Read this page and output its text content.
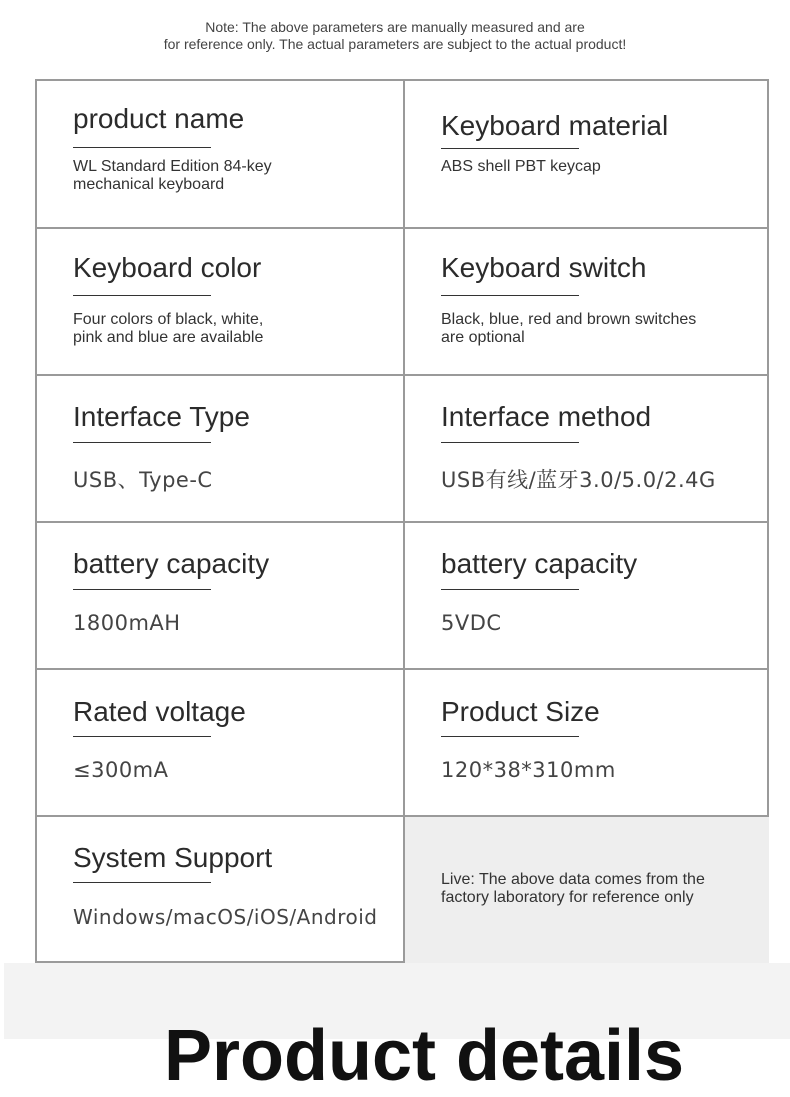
Note: The above parameters are manually measured and are
for reference only. The actual parameters are subject to the actual product!
product name
WL Standard Edition 84-key
mechanical keyboard
Keyboard material
ABS shell PBT keycap
Keyboard color
Four colors of black, white,
pink and blue are available
Keyboard switch
Black, blue, red and brown switches
are optional
Interface Type
USB、Type-C
Interface method
USB有线/蓝牙3.0/5.0/2.4G
battery capacity
1800mAH
battery capacity
5VDC
Rated voltage
≤300mA
Product Size
120*38*310mm
System Support
Windows/macOS/iOS/Android
Live: The above data comes from the
factory laboratory for reference only
Product details
